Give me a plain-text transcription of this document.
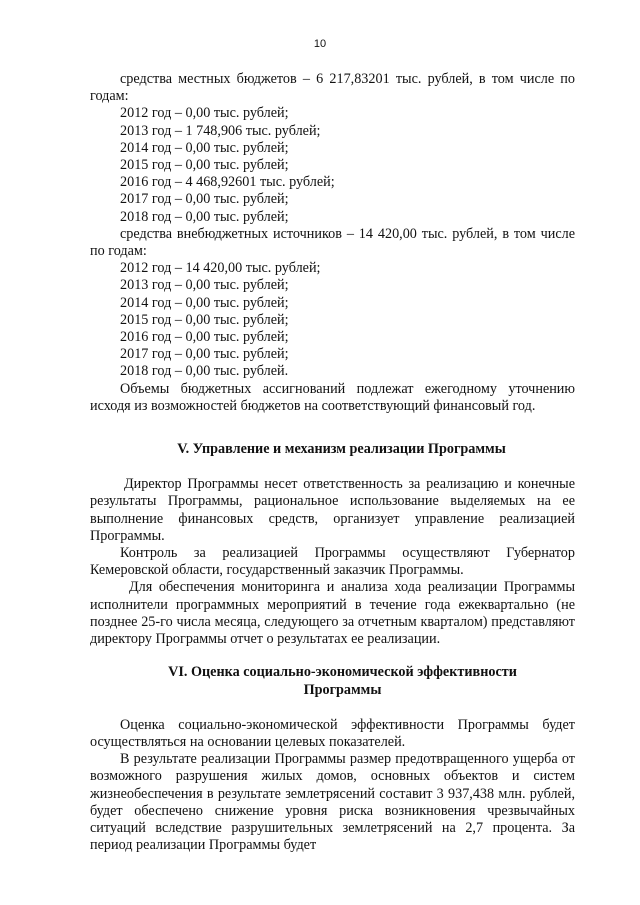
10

средства местных бюджетов – 6 217,83201 тыс. рублей, в том числе по годам:

2012 год – 0,00 тыс. рублей;

2013 год – 1 748,906 тыс. рублей;

2014 год – 0,00 тыс. рублей;

2015 год – 0,00 тыс. рублей;

2016 год – 4 468,92601 тыс. рублей;

2017 год – 0,00 тыс. рублей;

2018 год – 0,00 тыс. рублей;

средства внебюджетных источников – 14 420,00 тыс. рублей, в том числе по годам:

2012 год – 14 420,00 тыс. рублей;

2013 год – 0,00 тыс. рублей;

2014 год – 0,00 тыс. рублей;

2015 год – 0,00 тыс. рублей;

2016 год – 0,00 тыс. рублей;

2017 год – 0,00 тыс. рублей;

2018 год – 0,00 тыс. рублей.

Объемы бюджетных ассигнований подлежат ежегодному уточнению исходя из возможностей бюджетов на соответствующий финансовый год.

V. Управление и механизм реализации Программы

Директор Программы несет ответственность за реализацию и конечные результаты Программы, рациональное использование выделяемых на ее выполнение финансовых средств, организует управление реализацией Программы.

Контроль за реализацией Программы осуществляют Губернатор Кемеровской области, государственный заказчик Программы.

Для обеспечения мониторинга и анализа хода реализации Программы исполнители программных мероприятий в течение года ежеквартально (не позднее 25-го числа месяца, следующего за отчетным кварталом) представляют директору Программы отчет о результатах ее реализации.

VI. Оценка социально-экономической эффективности
Программы

Оценка социально-экономической эффективности Программы будет осуществляться на основании целевых показателей.

В результате реализации Программы размер предотвращенного ущерба от возможного разрушения жилых домов, основных объектов и систем жизнеобеспечения в результате землетрясений составит 3 937,438 млн. рублей, будет обеспечено снижение уровня риска возникновения чрезвычайных ситуаций вследствие разрушительных землетрясений на 2,7 процента. За период реализации Программы будет
